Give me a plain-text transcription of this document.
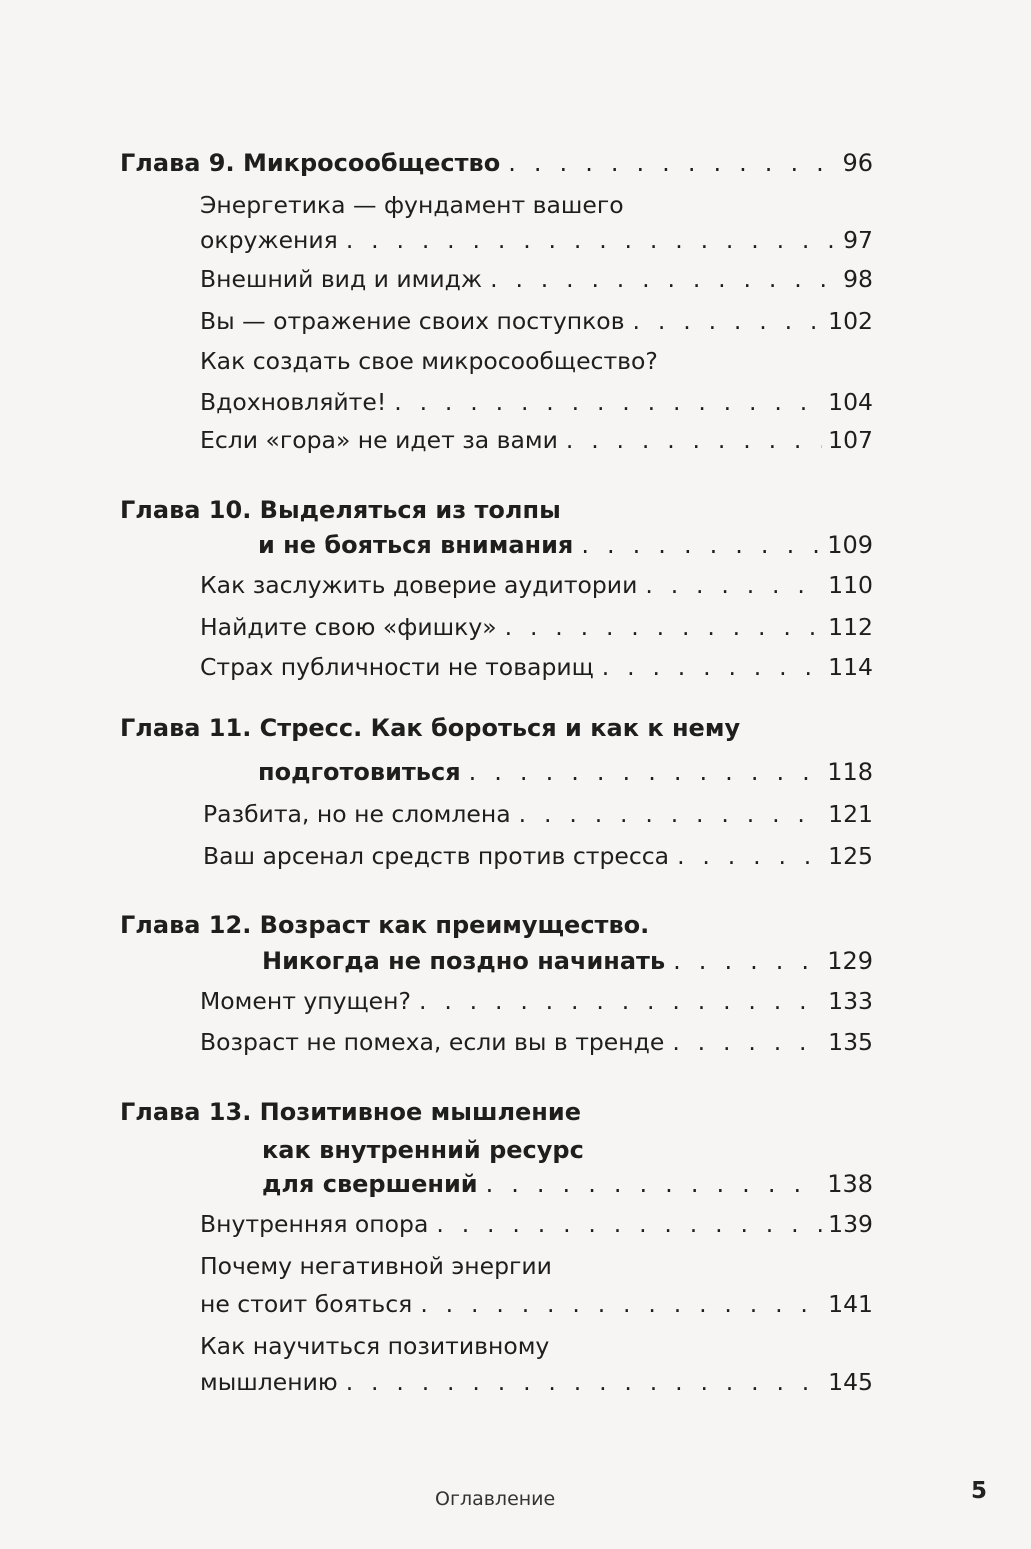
Глава 9. Микросообщество . . .	96
Энергетика — фундамент вашего
окружения . . .	97
Внешний вид и имидж . . .	98
Вы — отражение своих поступков . . .	102
Как создать свое микросообщество?
Вдохновляйте! . . .	104
Если «гора» не идет за вами . . .	107
Глава 10. Выделяться из толпы
и не бояться внимания . . .	109
Как заслужить доверие аудитории . . .	110
Найдите свою «фишку» . . .	112
Страх публичности не товарищ . . .	114
Глава 11. Стресс. Как бороться и как к нему
подготовиться . . .	118
Разбита, но не сломлена . . .	121
Ваш арсенал средств против стресса . . .	125
Глава 12. Возраст как преимущество.
Никогда не поздно начинать . . .	129
Момент упущен? . . .	133
Возраст не помеха, если вы в тренде . . .	135
Глава 13. Позитивное мышление
как внутренний ресурс
для свершений . . .	138
Внутренняя опора . . .	139
Почему негативной энергии
не стоит бояться . . .	141
Как научиться позитивному
мышлению . . .	145
Оглавление	5
